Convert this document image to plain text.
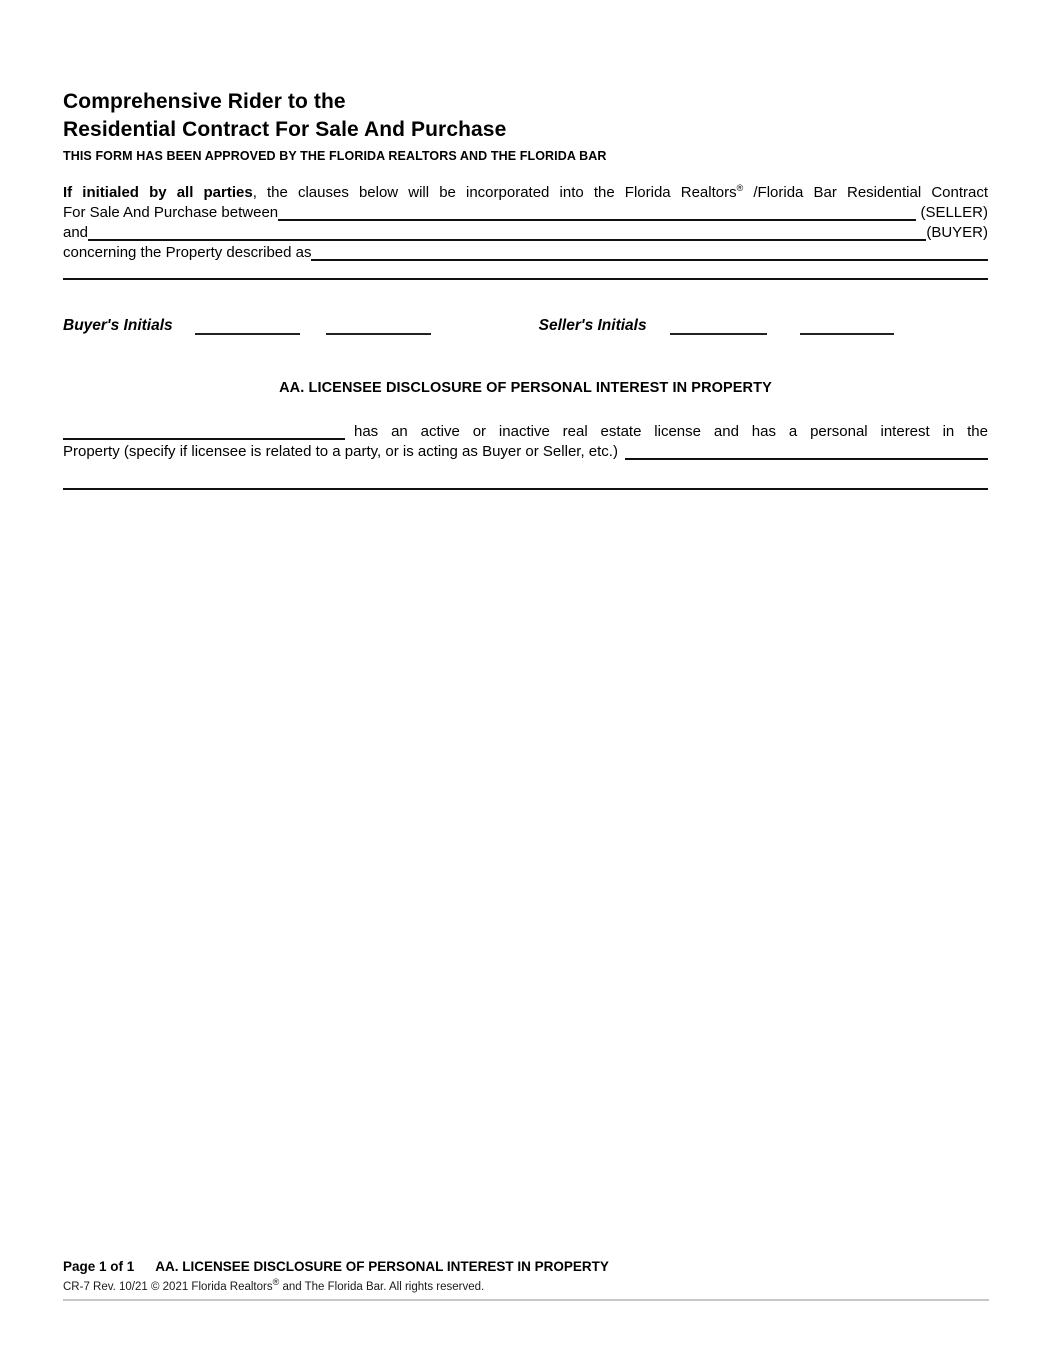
Comprehensive Rider to the
Residential Contract For Sale And Purchase
THIS FORM HAS BEEN APPROVED BY THE FLORIDA REALTORS AND THE FLORIDA BAR
If initialed by all parties, the clauses below will be incorporated into the Florida Realtors® /Florida Bar Residential Contract
For Sale And Purchase between	(SELLER)
and	(BUYER)
concerning the Property described as
Buyer's Initials	Seller's Initials
AA. LICENSEE DISCLOSURE OF PERSONAL INTEREST IN PROPERTY
has an active or inactive real estate license and has a personal interest in the
Property (specify if licensee is related to a party, or is acting as Buyer or Seller, etc.)
Page 1 of 1 AA. LICENSEE DISCLOSURE OF PERSONAL INTEREST IN PROPERTY
CR-7 Rev. 10/21 © 2021 Florida Realtors® and The Florida Bar. All rights reserved.
